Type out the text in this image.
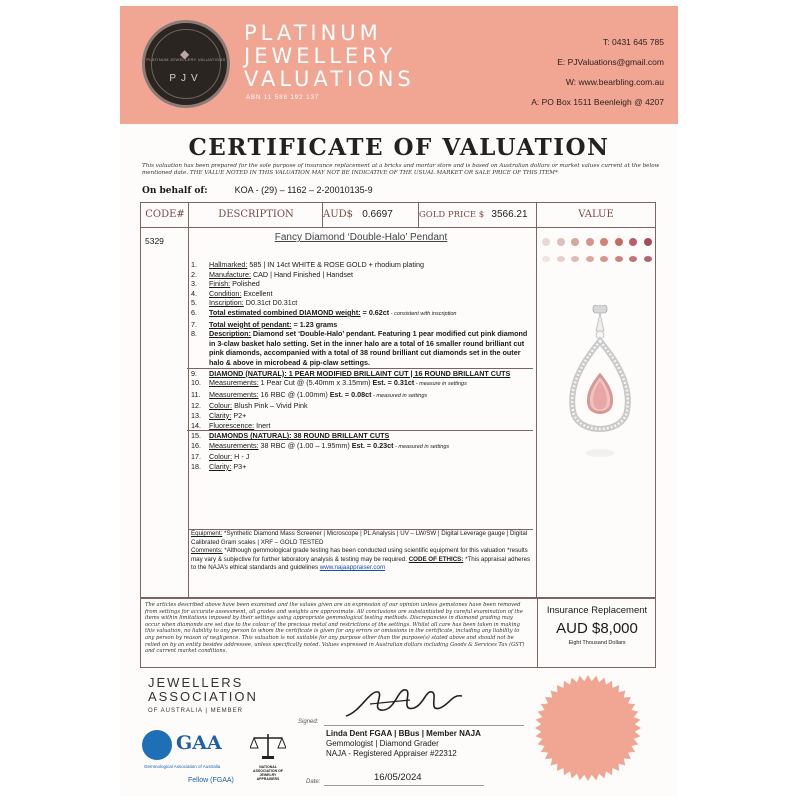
◆
PLATINUM JEWELLERY VALUATIONS
PJV
PLATINUM
JEWELLERY
VALUATIONS
ABN 11 588 192 137
T: 0431 645 785
E: PJValuations@gmail.com
W: www.bearbling.com.au
A: PO Box 1511 Beenleigh @ 4207
CERTIFICATE OF VALUATION
This valuation has been prepared for the sole purpose of insurance replacement at a bricks and mortar store and is based on Australian dollars or market values current at the below mentioned date. THE VALUE NOTED IN THIS VALUATION MAY NOT BE INDICATIVE OF THE USUAL MARKET OR SALE PRICE OF THIS ITEM*
On behalf of:	KOA - (29) – 1162 – 2-20010135-9
CODE#	DESCRIPTION	AUD$ 0.6697	GOLD PRICE $ 3566.21	VALUE
5329	Fancy Diamond ‘Double-Halo’ Pendant
1. Hallmarked: 585 | IN 14ct WHITE & ROSE GOLD + rhodium plating
2. Manufacture: CAD | Hand Finished | Handset
3. Finish: Polished
4. Condition: Excellent
5. Inscription: D0.31ct D0.31ct
6. Total estimated combined DIAMOND weight: = 0.62ct - consistent with inscription
7. Total weight of pendant: = 1.23 grams
8. Description: Diamond set ‘Double-Halo’ pendant. Featuring 1 pear modified cut pink diamond in 3-claw basket halo setting. Set in the inner halo are a total of 16 smaller round brilliant cut pink diamonds, accompanied with a total of 38 round brilliant cut diamonds set in the outer halo & above in microbead & pip-claw settings.
9. DIAMOND (NATURAL): 1 PEAR MODIFIED BRILLAINT CUT | 16 ROUND BRILLANT CUTS
10. Measurements: 1 Pear Cut @ (5.40mm x 3.15mm) Est. = 0.31ct - measure in settings
11. Measurements: 16 RBC @ (1.00mm) Est. = 0.08ct - measured in settings
12. Colour: Blush Pink – Vivid Pink
13. Clarity: P2+
14. Fluorescence: Inert
15. DIAMONDS (NATURAL): 38 ROUND BRILLANT CUTS
16. Measurements: 38 RBC @ (1.00 – 1.95mm) Est. = 0.23ct - measured in settings
17. Colour: H - J
18. Clarity: P3+
Equipment: *Synthetic Diamond Mass Screener | Microscope | PL Analysis | UV – LW/SW | Digital Leverage gauge | Digital Calibrated Gram scales | XRF – GOLD TESTED
Comments: *Although gemmological grade testing has been conducted using scientific equipment for this valuation *results may vary & subjective for further laboratory analysis & testing may be required. CODE OF ETHICS: *This appraisal adheres to the NAJA’s ethical standards and guidelines www.najaappraiser.com
The articles described above have been examined and the values given are an expression of our opinion unless gemstones have been removed from settings for accurate assessment, all grades and weights are approximate. All conclusions are substantiated by careful examination of the items within limitations imposed by their settings using appropriate gemmological testing methods. Discrepancies in diamond grading may occur when diamonds are set due to the colour of the precious metal and restrictions of the settings. Whilst all care has been taken in making this valuation, no liability to any person to whom the certificate is given for any errors or omissions in the certificate, including any liability to any person by reason of negligence. This valuation is not suitable for any purpose other than the purpose(s) stated above and should not be relied on by an entity besides addressee, unless specifically noted. Values expressed in Australian dollars including Goods & Services Tax (GST) and current market conditions.
Insurance Replacement
AUD $8,000
Eight Thousand Dollars
JEWELLERS
ASSOCIATION
OF AUSTRALIA | MEMBER
GAA
Gemmological Association of Australia
Fellow (FGAA)
NATIONAL ASSOCIATION OF JEWELRY APPRAISERS
Signed:
Linda Dent FGAA | BBus | Member NAJA
Gemmologist | Diamond Grader
NAJA - Registered Appraiser #22312
Date:	16/05/2024
